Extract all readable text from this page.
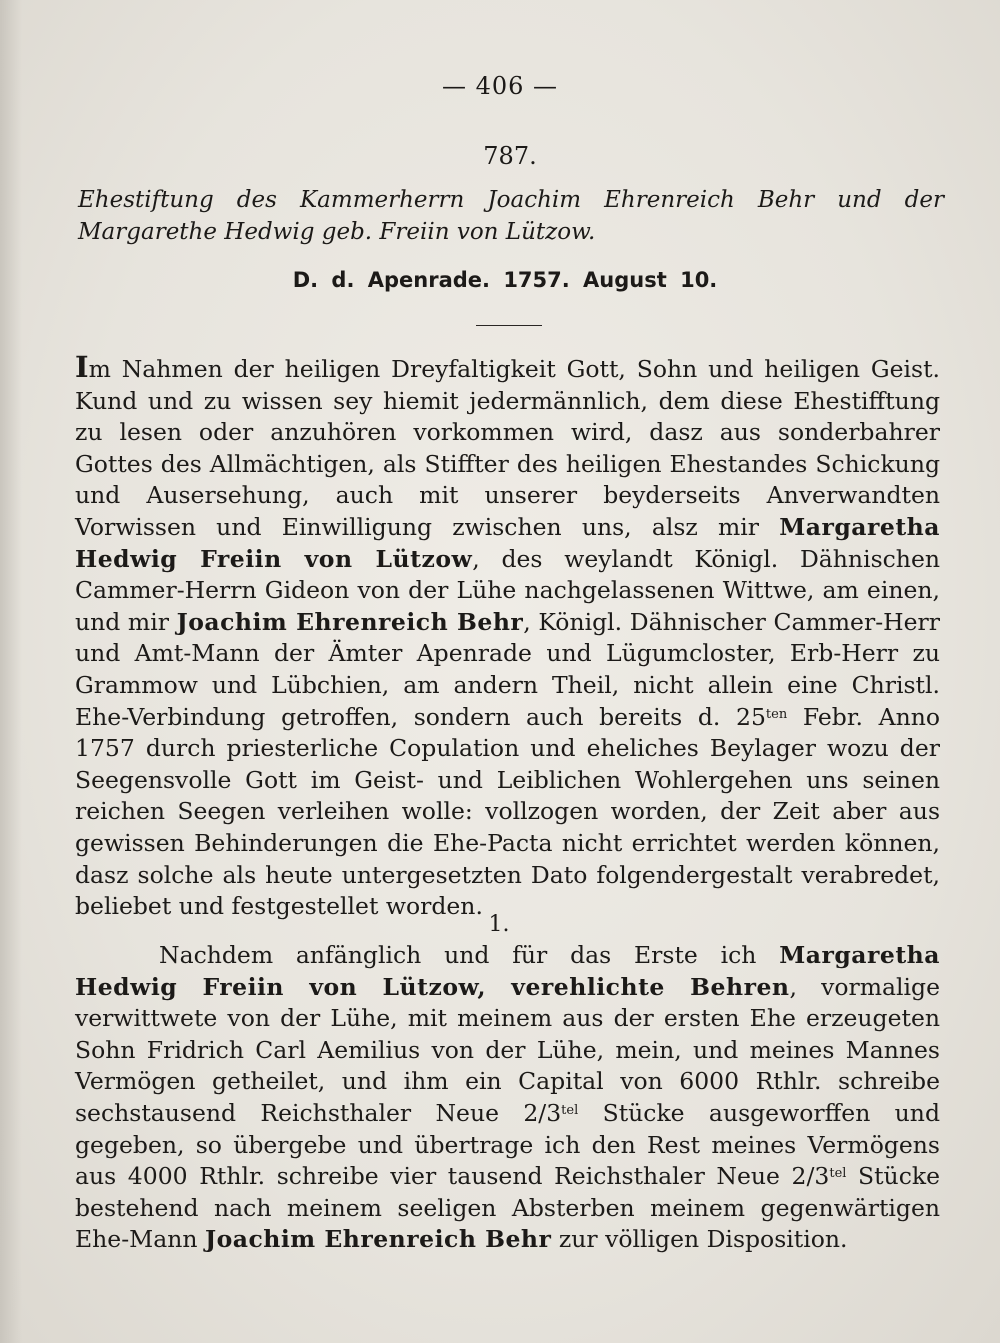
— 406 —
787.
Ehestiftung des Kammerherrn Joachim Ehrenreich Behr und der Margarethe Hedwig geb. Freiin von Lützow.
D. d. Apenrade. 1757. August 10.
Im Nahmen der heiligen Dreyfaltigkeit Gott, Sohn und heiligen Geist. Kund und zu wissen sey hiemit jedermännlich, dem diese Ehestifftung zu lesen oder anzuhören vorkommen wird, dasz aus sonderbahrer Gottes des Allmächtigen, als Stiffter des heiligen Ehestandes Schickung und Ausersehung, auch mit unserer beyderseits Anverwandten Vorwissen und Einwilligung zwischen uns, alsz mir Margaretha Hedwig Freiin von Lützow, des weylandt Königl. Dähnischen Cammer-Herrn Gideon von der Lühe nachgelassenen Wittwe, am einen, und mir Joachim Ehrenreich Behr, Königl. Dähnischer Cammer-Herr und Amt-Mann der Ämter Apenrade und Lügumcloster, Erb-Herr zu Grammow und Lübchien, am andern Theil, nicht allein eine Christl. Ehe-Verbindung getroffen, sondern auch bereits d. $25^{ten}$ Febr. Anno 1757 durch priesterliche Copulation und eheliches Beylager wozu der Seegensvolle Gott im Geist- und Leiblichen Wohlergehen uns seinen reichen Seegen verleihen wolle: vollzogen worden, der Zeit aber aus gewissen Behinderungen die Ehe-Pacta nicht errichtet werden können, dasz solche als heute untergesetzten Dato folgendergestalt verabredet, beliebet und festgestellet worden.
1.
Nachdem anfänglich und für das Erste ich Margaretha Hedwig Freiin von Lützow, verehlichte Behren, vormalige verwittwete von der Lühe, mit meinem aus der ersten Ehe erzeugeten Sohn Fridrich Carl Aemilius von der Lühe, mein, und meines Mannes Vermögen getheilet, und ihm ein Capital von 6000 Rthlr. schreibe sechstausend Reichsthaler Neue $2/3^{tel}$ Stücke ausgeworffen und gegeben, so übergebe und übertrage ich den Rest meines Vermögens aus 4000 Rthlr. schreibe vier tausend Reichsthaler Neue $2/3^{tel}$ Stücke bestehend nach meinem seeligen Absterben meinem gegenwärtigen Ehe-Mann Joachim Ehrenreich Behr zur völligen Disposition.
